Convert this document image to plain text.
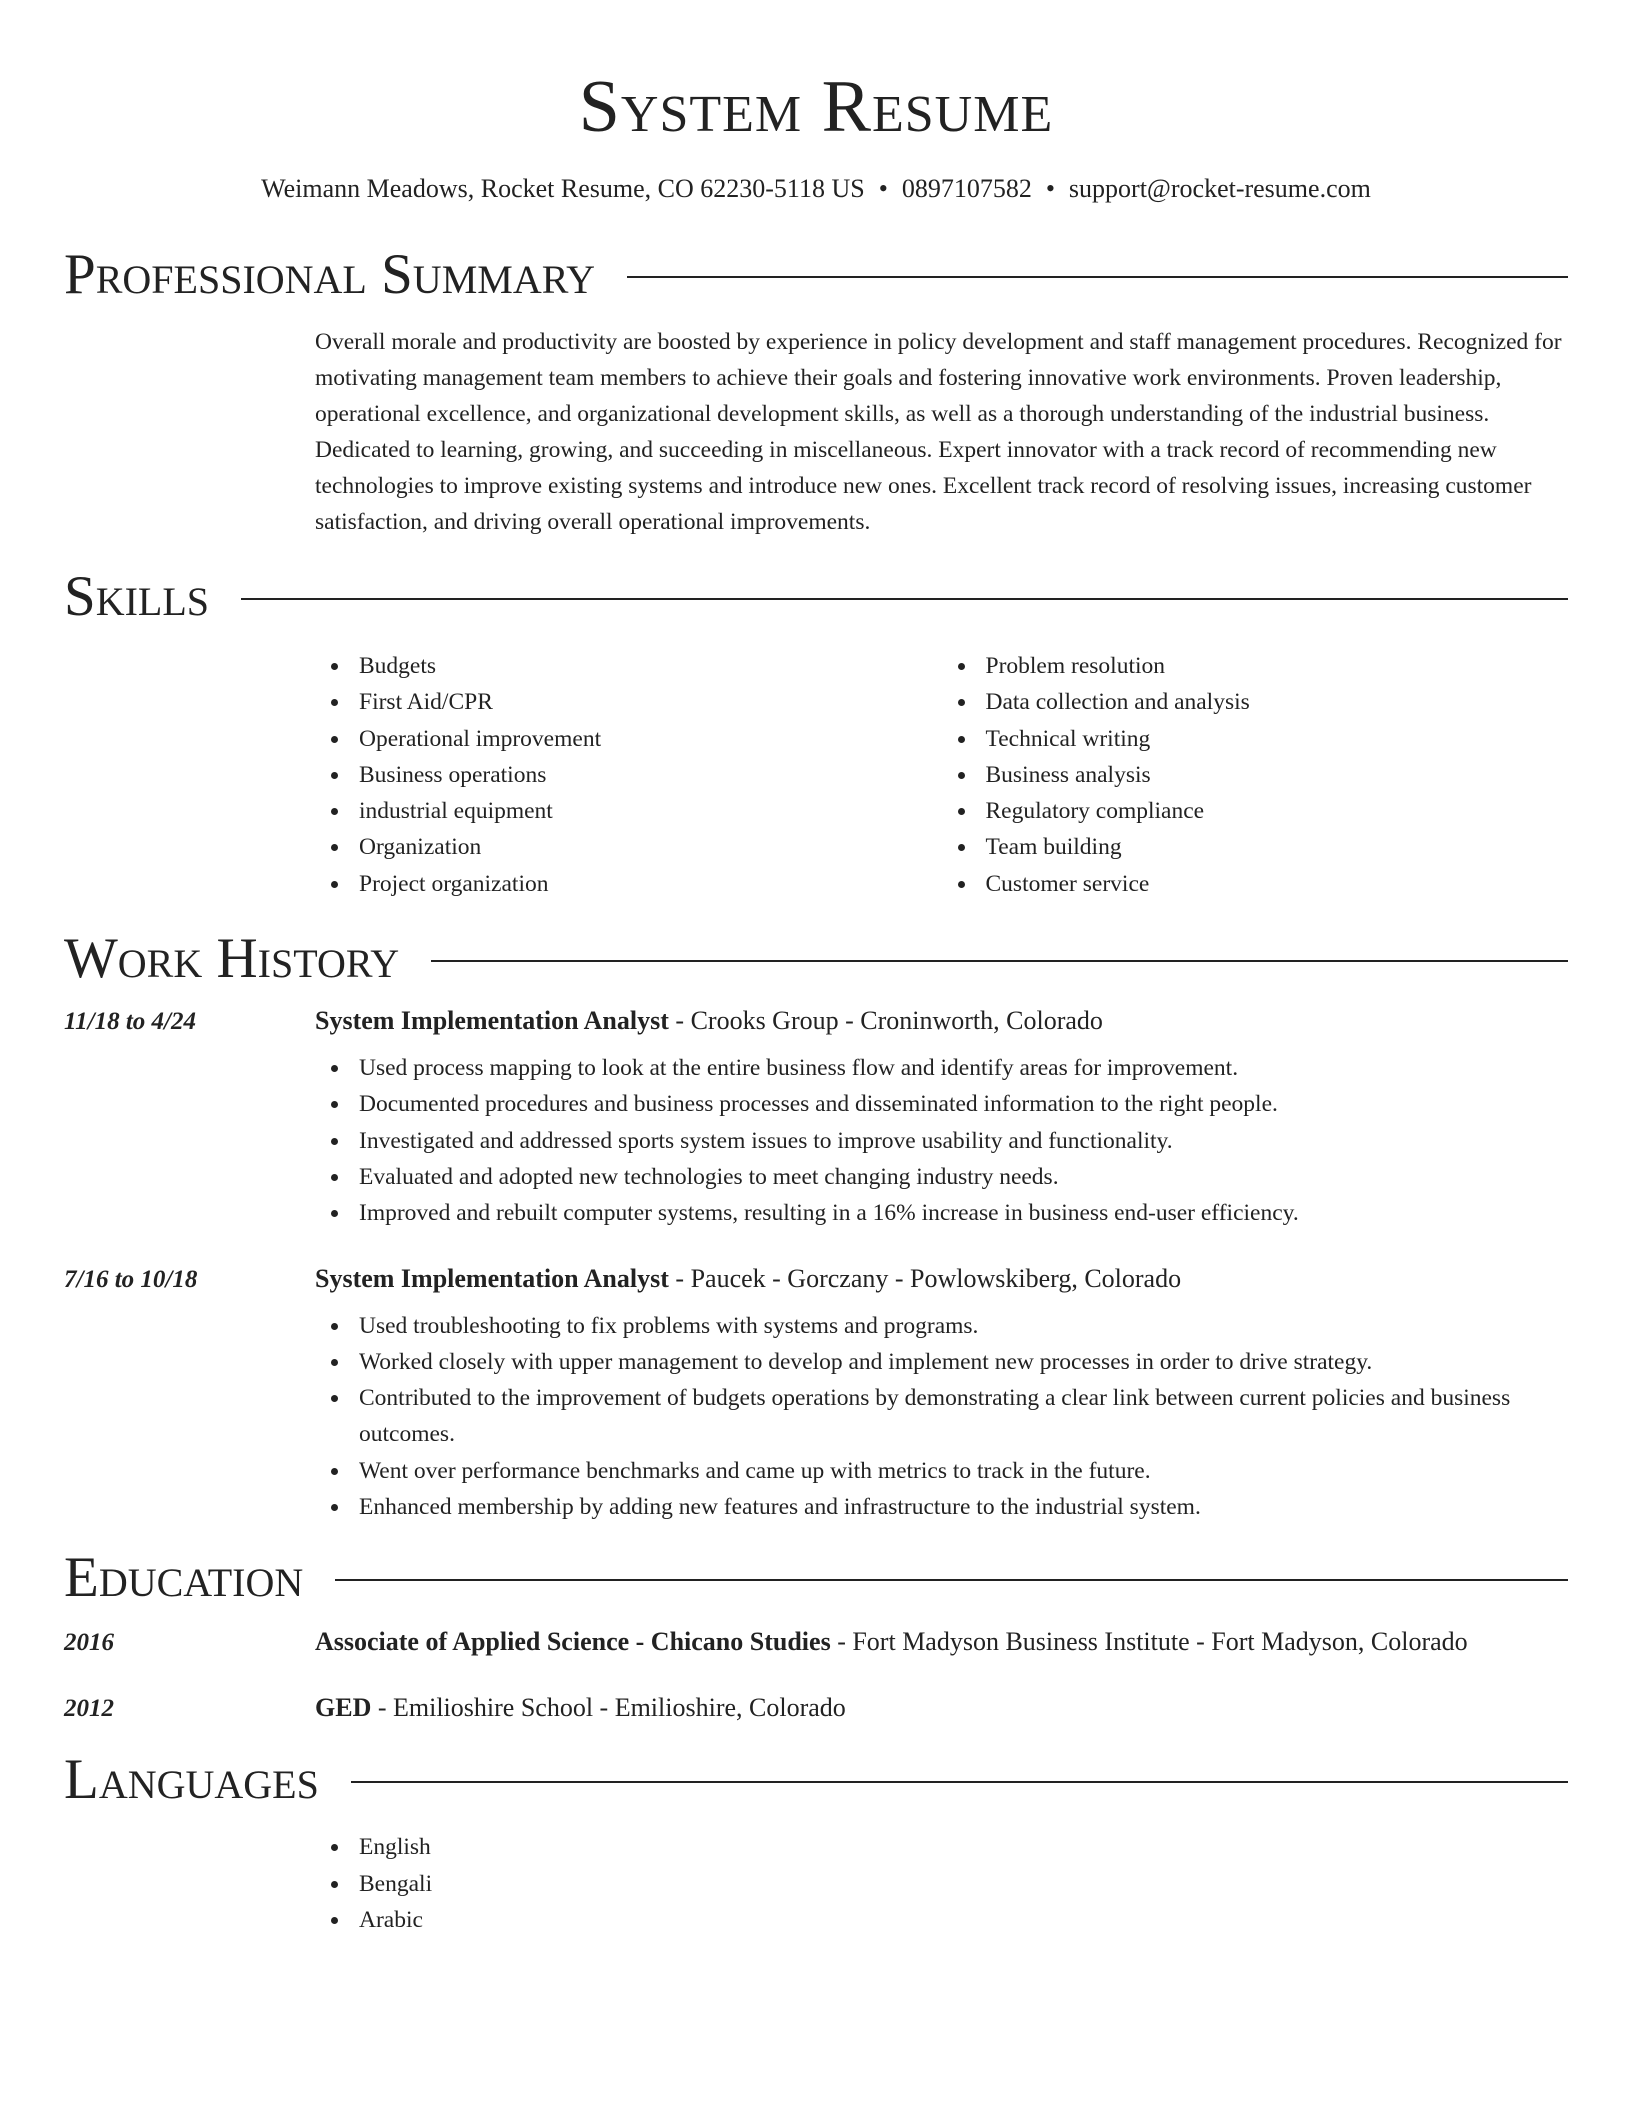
System Resume
Weimann Meadows, Rocket Resume, CO 62230-5118 US • 0897107582 • support@rocket-resume.com
Professional Summary

Overall morale and productivity are boosted by experience in policy development and staff management procedures. Recognized for motivating management team members to achieve their goals and fostering innovative work environments. Proven leadership, operational excellence, and organizational development skills, as well as a thorough understanding of the industrial business. Dedicated to learning, growing, and succeeding in miscellaneous. Expert innovator with a track record of recommending new technologies to improve existing systems and introduce new ones. Excellent track record of resolving issues, increasing customer satisfaction, and driving overall operational improvements.

Skills
Budgets
First Aid/CPR
Operational improvement
Business operations
industrial equipment
Organization
Project organization
Problem resolution
Data collection and analysis
Technical writing
Business analysis
Regulatory compliance
Team building
Customer service
Work History
11/18 to 4/24	System Implementation Analyst - Crooks Group - Croninworth, Colorado
Used process mapping to look at the entire business flow and identify areas for improvement.
Documented procedures and business processes and disseminated information to the right people.
Investigated and addressed sports system issues to improve usability and functionality.
Evaluated and adopted new technologies to meet changing industry needs.
Improved and rebuilt computer systems, resulting in a 16% increase in business end-user efficiency.
7/16 to 10/18	System Implementation Analyst - Paucek - Gorczany - Powlowskiberg, Colorado
Used troubleshooting to fix problems with systems and programs.
Worked closely with upper management to develop and implement new processes in order to drive strategy.
Contributed to the improvement of budgets operations by demonstrating a clear link between current policies and business outcomes.
Went over performance benchmarks and came up with metrics to track in the future.
Enhanced membership by adding new features and infrastructure to the industrial system.
Education
2016	Associate of Applied Science - Chicano Studies - Fort Madyson Business Institute - Fort Madyson, Colorado
2012	GED - Emilioshire School - Emilioshire, Colorado
Languages
English
Bengali
Arabic
